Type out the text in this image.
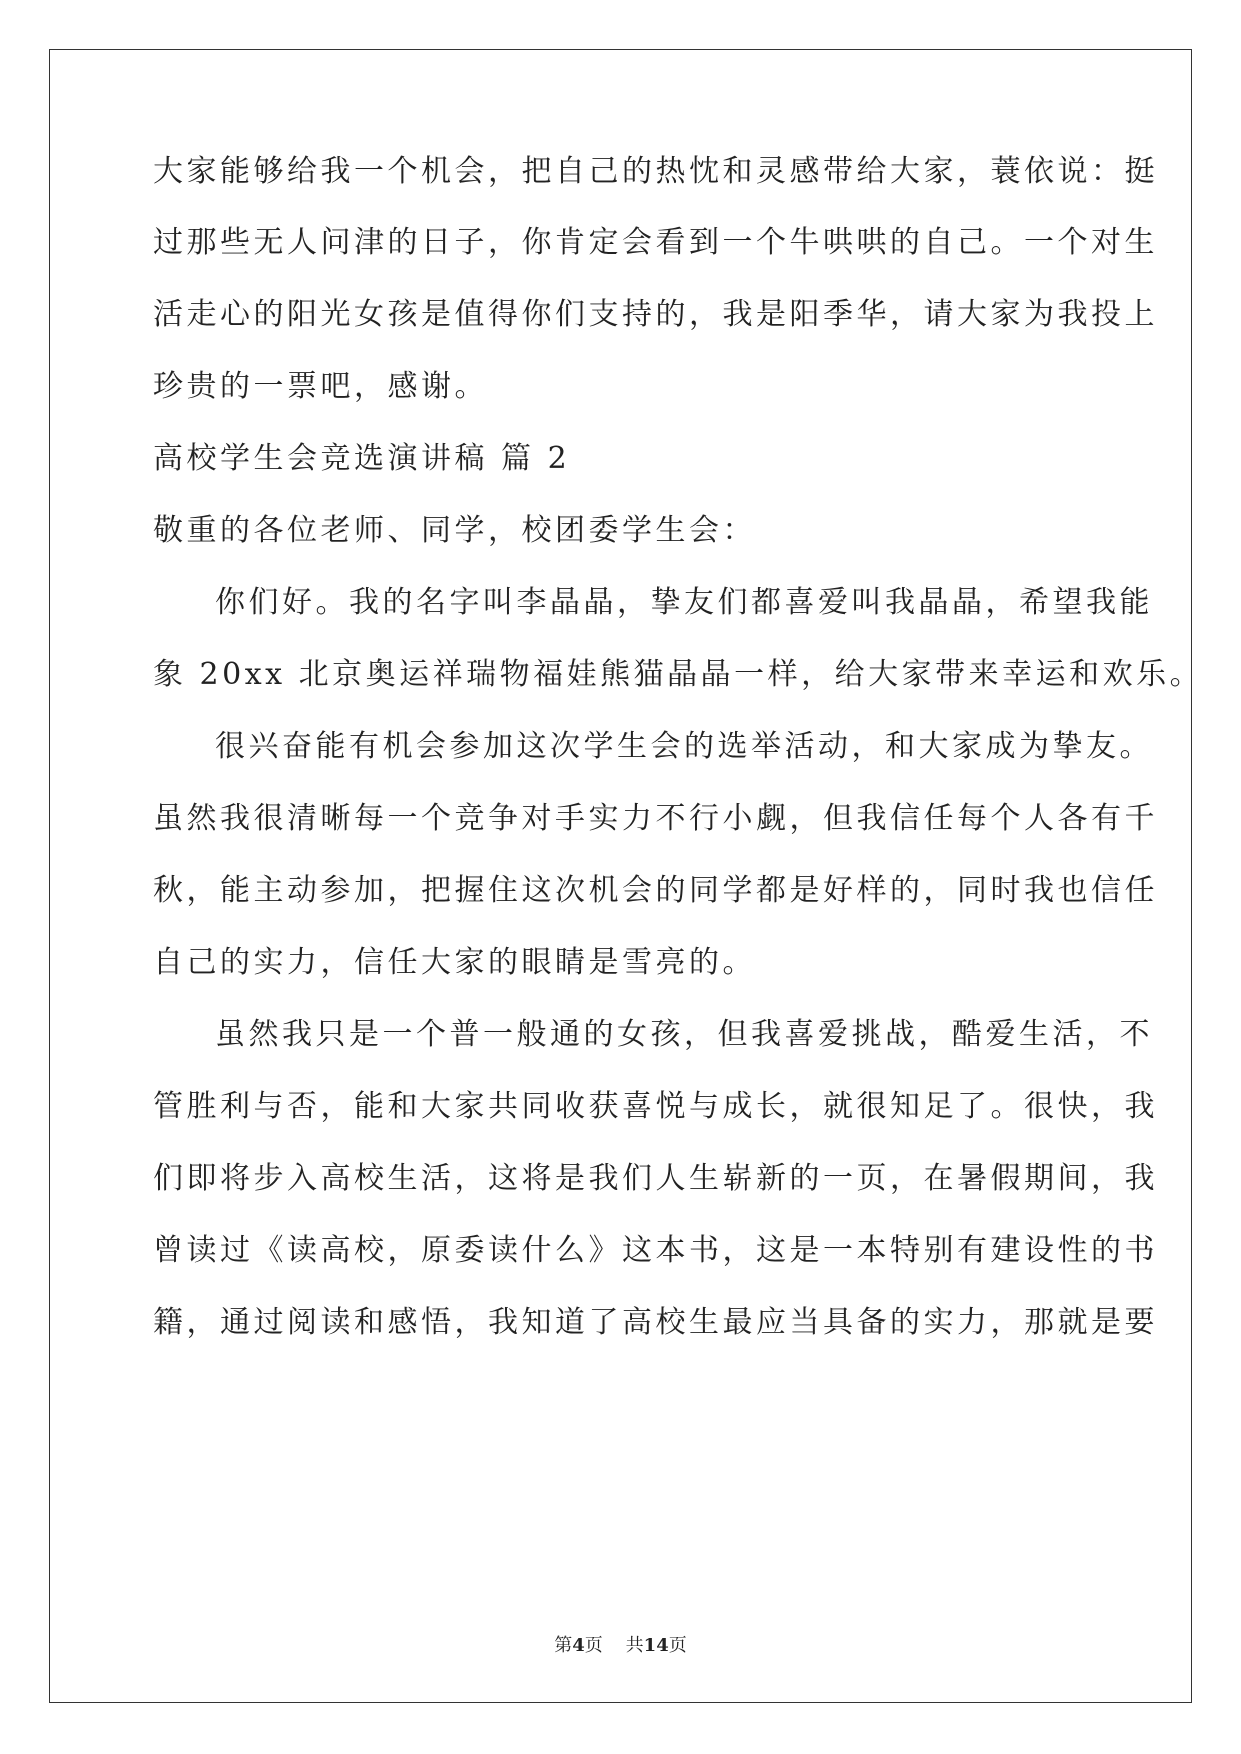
大家能够给我一个机会，把自己的热忱和灵感带给大家，蓑依说：挺
过那些无人问津的日子，你肯定会看到一个牛哄哄的自己。一个对生
活走心的阳光女孩是值得你们支持的，我是阳季华，请大家为我投上
珍贵的一票吧，感谢。
高校学生会竞选演讲稿 篇 2
敬重的各位老师、同学，校团委学生会：
你们好。我的名字叫李晶晶，挚友们都喜爱叫我晶晶，希望我能
象 20xx 北京奥运祥瑞物福娃熊猫晶晶一样，给大家带来幸运和欢乐。
很兴奋能有机会参加这次学生会的选举活动，和大家成为挚友。
虽然我很清晰每一个竞争对手实力不行小觑，但我信任每个人各有千
秋，能主动参加，把握住这次机会的同学都是好样的，同时我也信任
自己的实力，信任大家的眼睛是雪亮的。
虽然我只是一个普一般通的女孩，但我喜爱挑战，酷爱生活，不
管胜利与否，能和大家共同收获喜悦与成长，就很知足了。很快，我
们即将步入高校生活，这将是我们人生崭新的一页，在暑假期间，我
曾读过《读高校，原委读什么》这本书，这是一本特别有建设性的书
籍，通过阅读和感悟，我知道了高校生最应当具备的实力，那就是要
第4页    共14页
